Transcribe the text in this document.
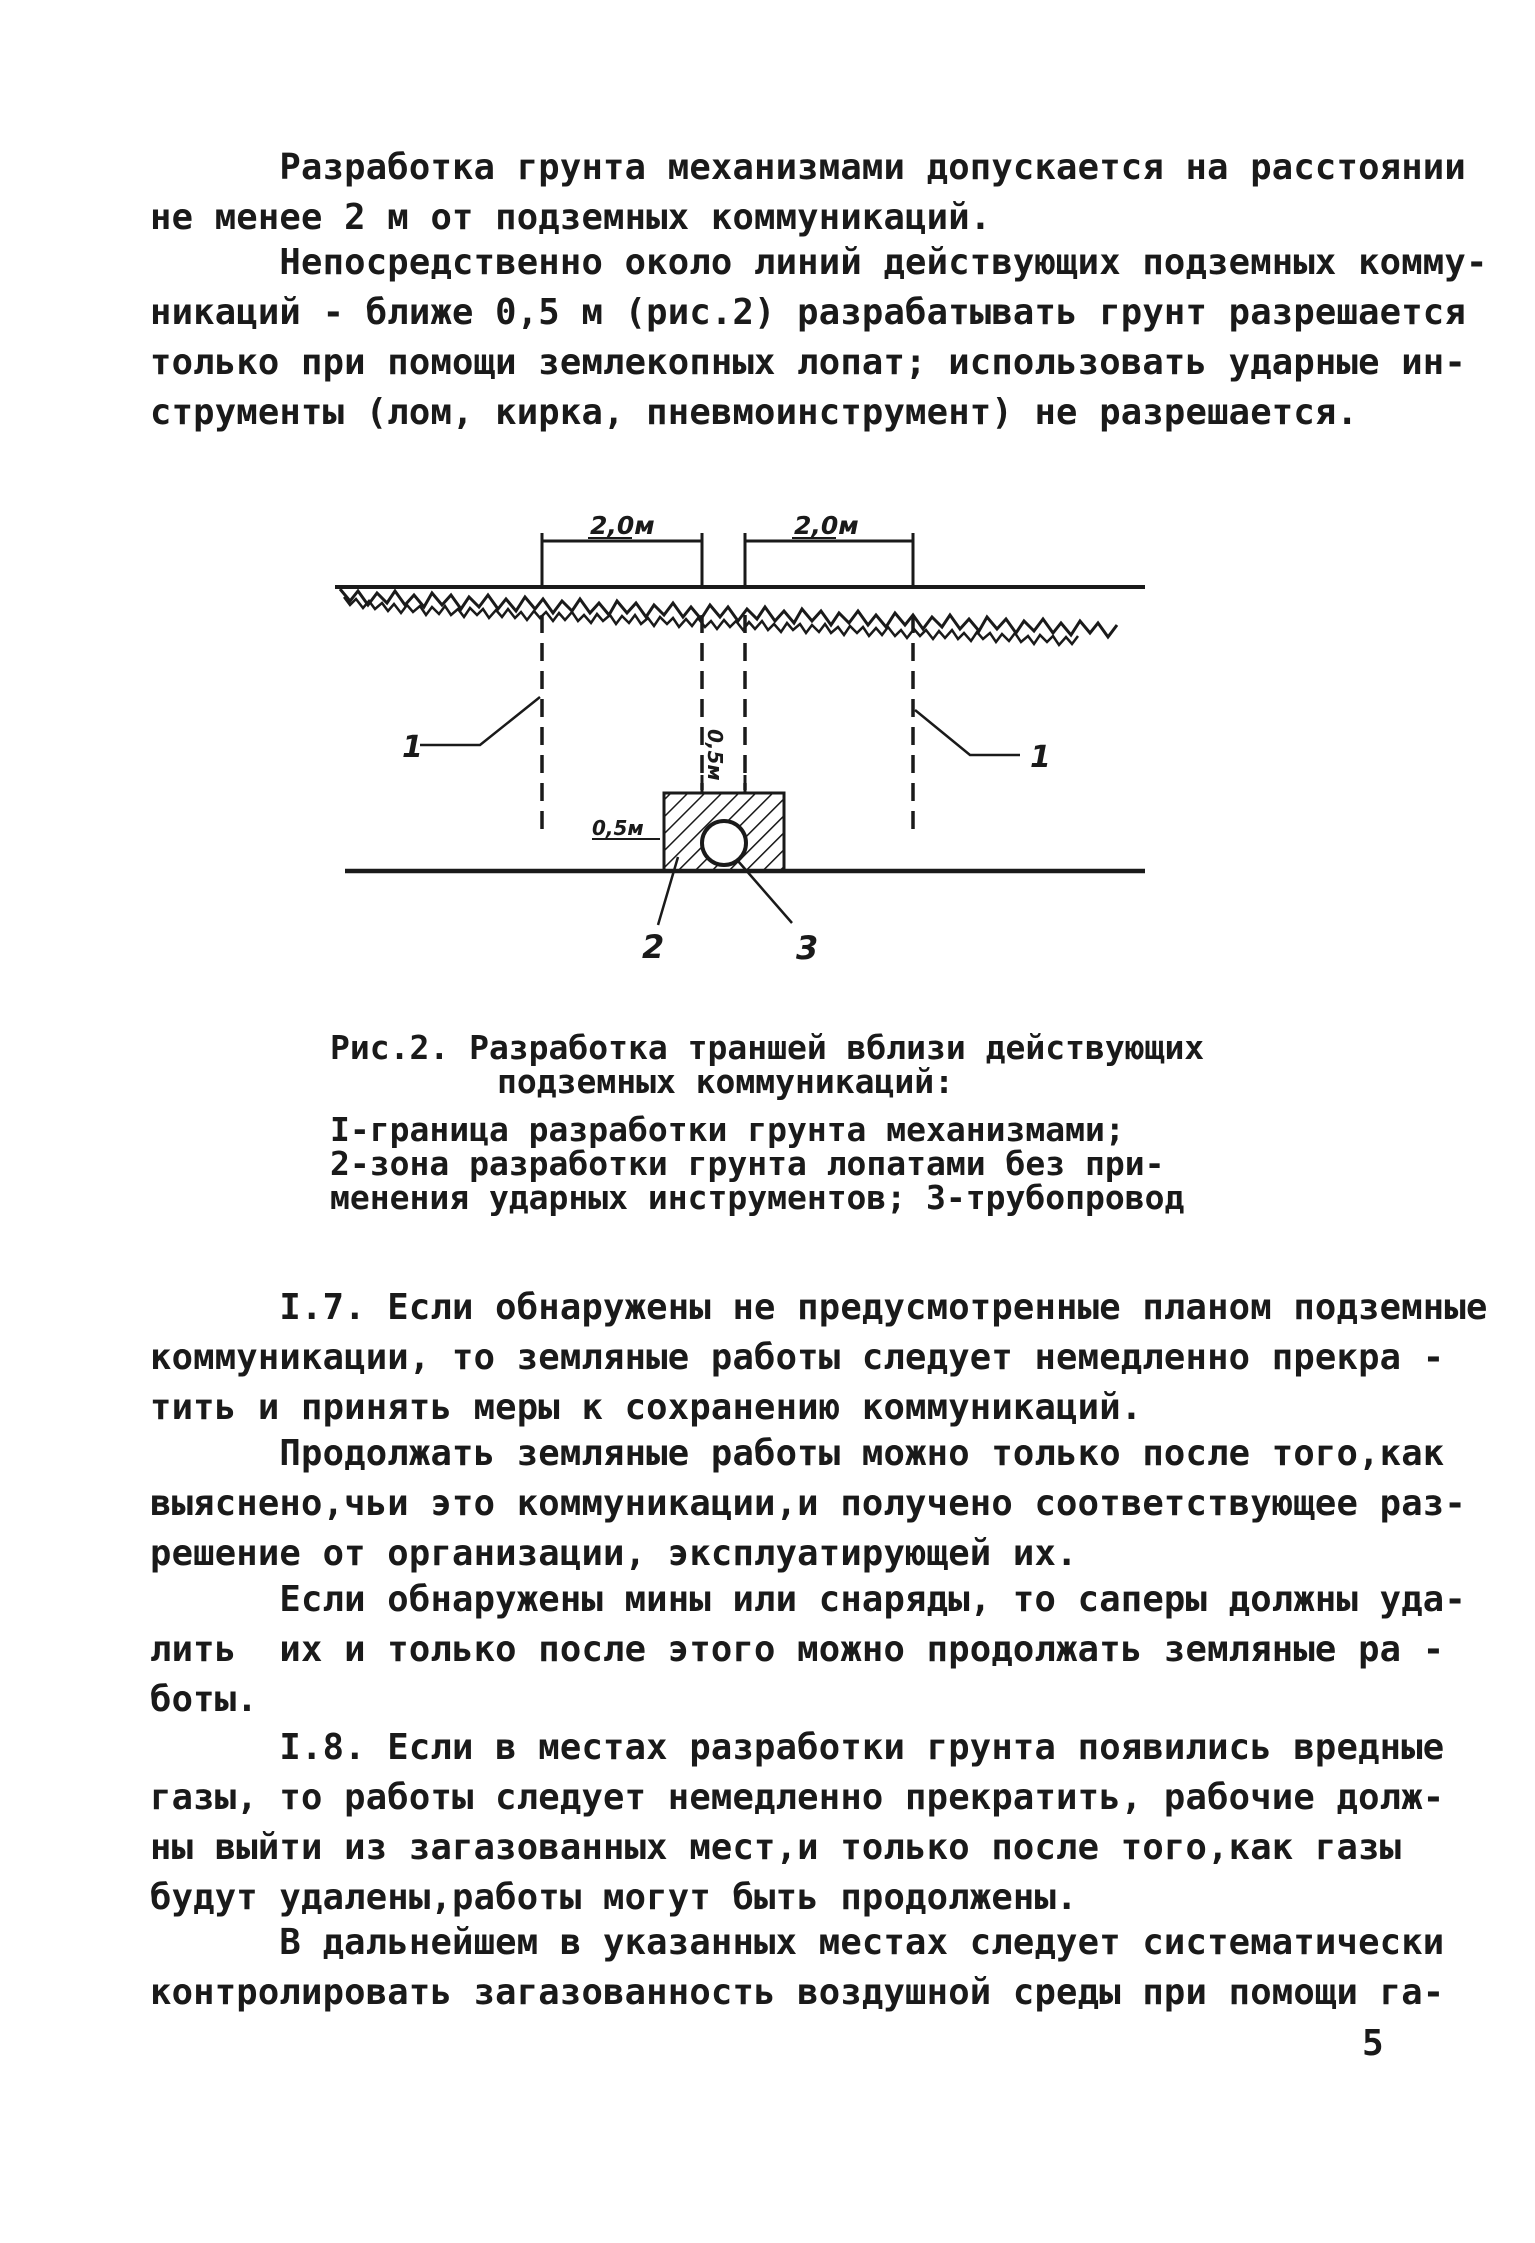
Разработка грунта механизмами допускается на расстоянии
не менее 2 м от подземных коммуникаций.
Непосредственно около линий действующих подземных комму-
никаций - ближе 0,5 м (рис.2) разрабатывать грунт разрешается
только при помощи землекопных лопат; использовать ударные ин-
струменты (лом, кирка, пневмоинструмент) не разрешается.
2,0м	2,0м
1	1
0,5м
0,5м
2	3
Рис.2. Разработка траншей вблизи действующих
подземных коммуникаций:
I-граница разработки грунта механизмами;
2-зона разработки грунта лопатами без при-
менения ударных инструментов; 3-трубопровод
I.7. Если обнаружены не предусмотренные планом подземные
коммуникации, то земляные работы следует немедленно прекра -
тить и принять меры к сохранению коммуникаций.
Продолжать земляные работы можно только после того,как
выяснено,чьи это коммуникации,и получено соответствующее раз-
решение от организации, эксплуатирующей их.
Если обнаружены мины или снаряды, то саперы должны уда-
лить  их и только после этого можно продолжать земляные ра -
боты.
I.8. Если в местах разработки грунта появились вредные
газы, то работы следует немедленно прекратить, рабочие долж-
ны выйти из загазованных мест,и только после того,как газы
будут удалены,работы могут быть продолжены.
В дальнейшем в указанных местах следует систематически
контролировать загазованность воздушной среды при помощи га-
5
